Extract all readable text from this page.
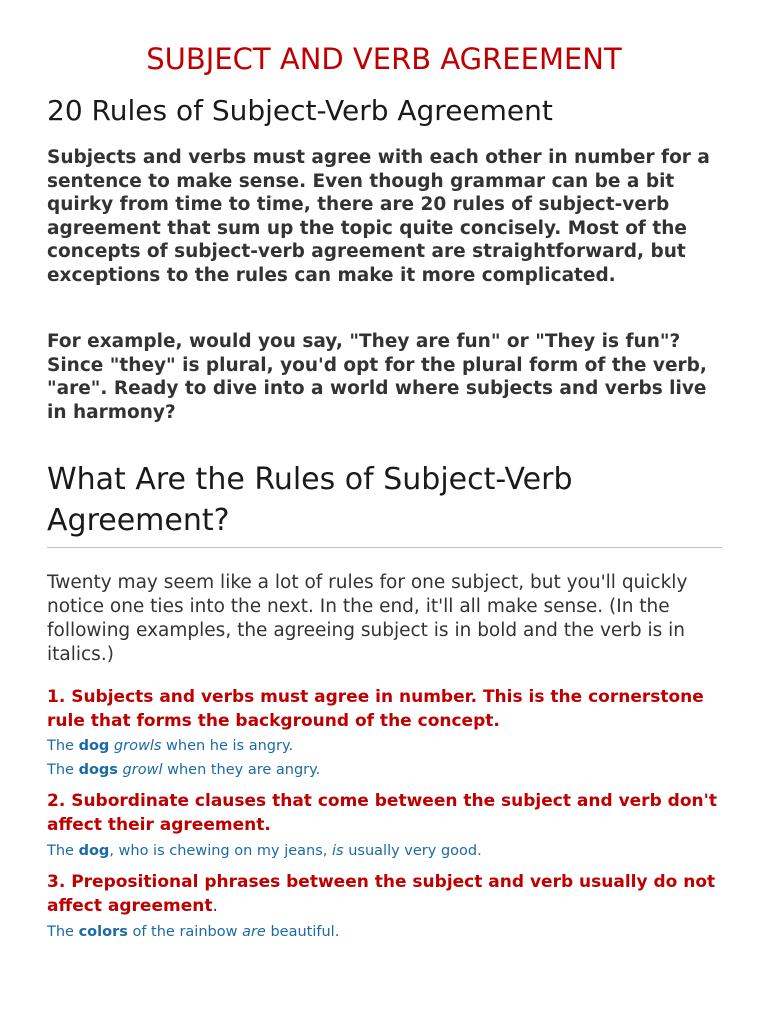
SUBJECT AND VERB AGREEMENT
20 Rules of Subject-Verb Agreement

Subjects and verbs must agree with each other in number for a sentence to make sense. Even though grammar can be a bit quirky from time to time, there are 20 rules of subject-verb agreement that sum up the topic quite concisely. Most of the concepts of subject-verb agreement are straightforward, but exceptions to the rules can make it more complicated.

For example, would you say, "They are fun" or "They is fun"? Since "they" is plural, you'd opt for the plural form of the verb, "are". Ready to dive into a world where subjects and verbs live in harmony?

What Are the Rules of Subject-Verb Agreement?

Twenty may seem like a lot of rules for one subject, but you'll quickly notice one ties into the next. In the end, it'll all make sense. (In the following examples, the agreeing subject is in bold and the verb is in italics.)

1. Subjects and verbs must agree in number. This is the cornerstone rule that forms the background of the concept.

The dog growls when he is angry.

The dogs growl when they are angry.

2. Subordinate clauses that come between the subject and verb don't affect their agreement.

The dog, who is chewing on my jeans, is usually very good.

3. Prepositional phrases between the subject and verb usually do not affect agreement.

The colors of the rainbow are beautiful.
